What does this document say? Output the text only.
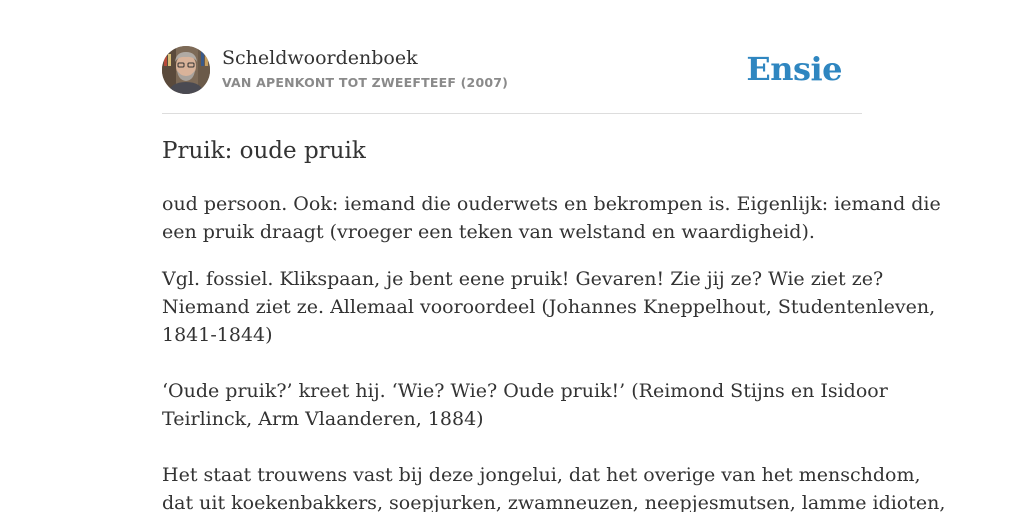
Scheldwoordenboek
VAN APENKONT TOT ZWEEFTEEF (2007)	Ensie
Pruik: oude pruik

oud persoon. Ook: iemand die ouderwets en bekrompen is. Eigenlijk: iemand die
een pruik draagt (vroeger een teken van welstand en waardigheid).

Vgl. fossiel. Klikspaan, je bent eene pruik! Gevaren! Zie jij ze? Wie ziet ze?
Niemand ziet ze. Allemaal vooroordeel (Johannes Kneppelhout, Studentenleven,
1841-1844)

‘Oude pruik?’ kreet hij. ‘Wie? Wie? Oude pruik!’ (Reimond Stijns en Isidoor
Teirlinck, Arm Vlaanderen, 1884)

Het staat trouwens vast bij deze jongelui, dat het overige van het menschdom,
dat uit koekenbakkers, soepjurken, zwamneuzen, neepjesmutsen, lamme idioten,
